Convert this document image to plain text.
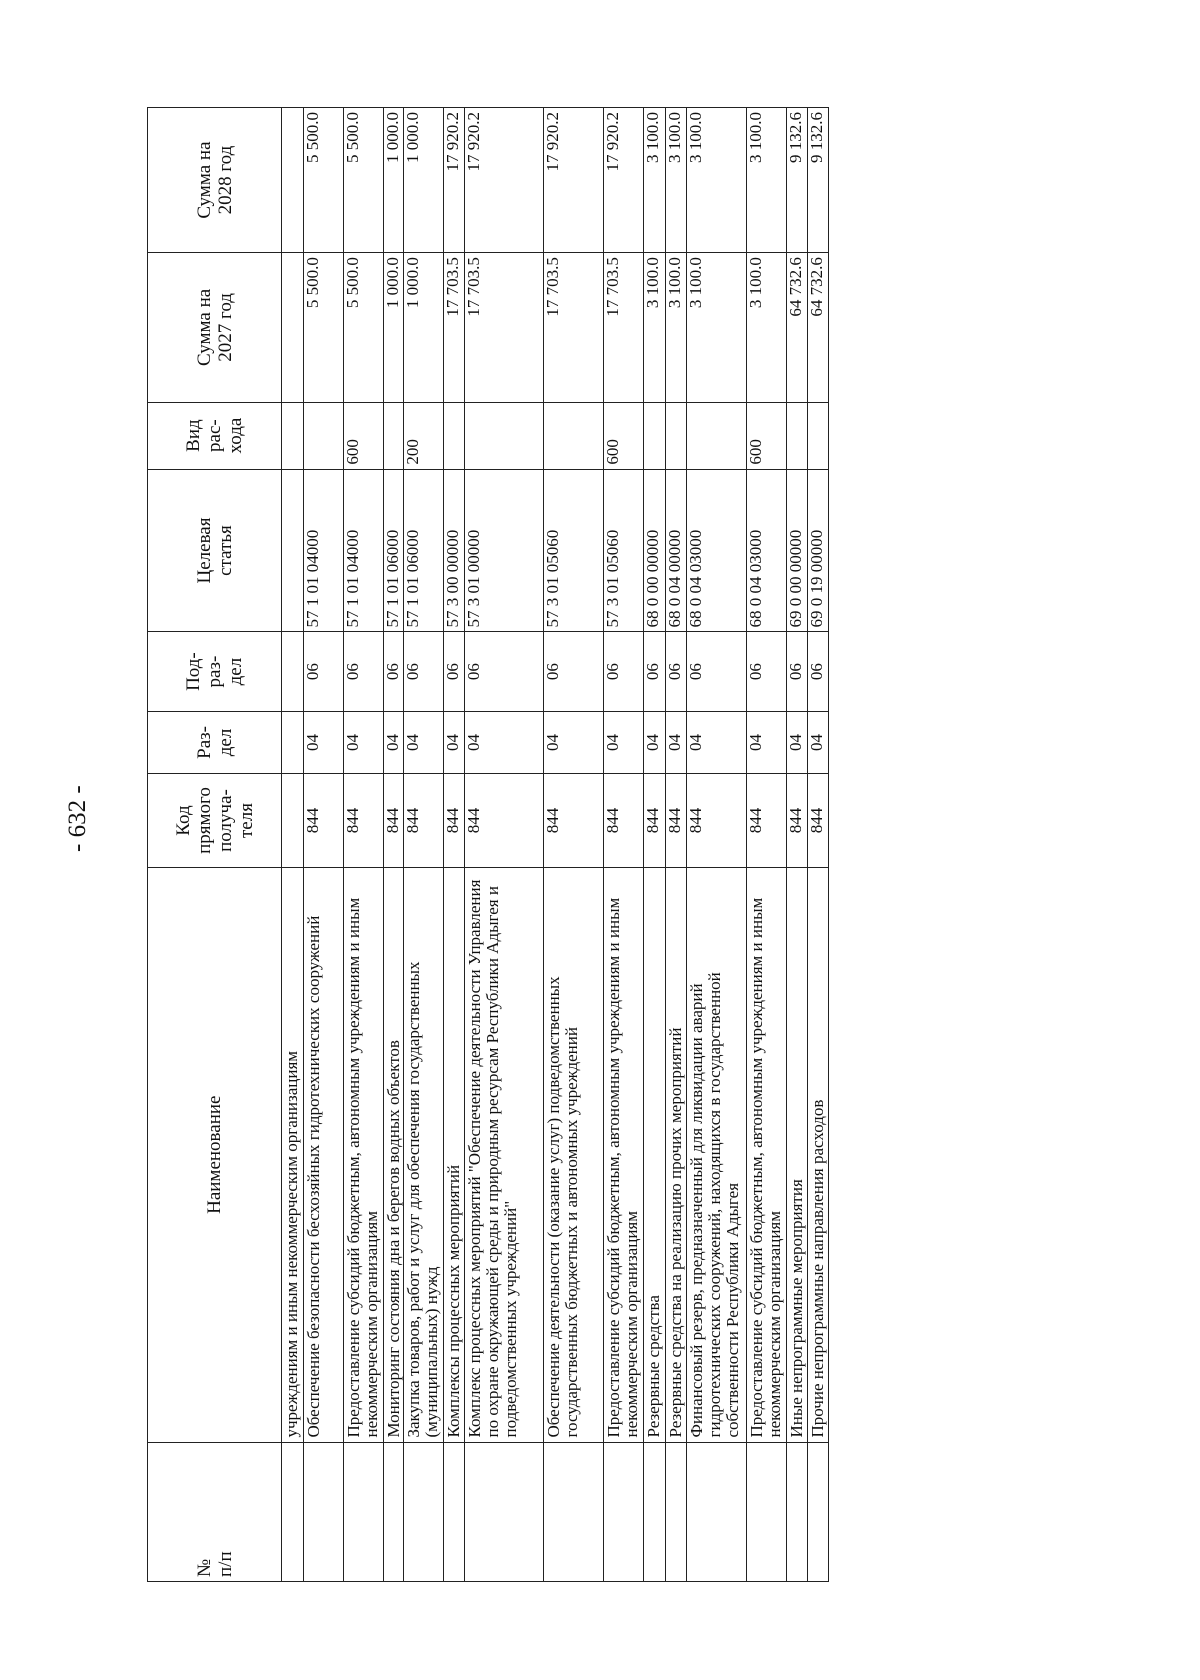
- 632 -
№
п/п	Наименование	Код
прямого
получа-
теля	Раз-
дел	Под-
раз-
дел	Целевая
статья	Вид
рас-
хода	Сумма на
2027 год	Сумма на
2028 год
	учреждениям и иным некоммерческим организациям							
	Обеспечение безопасности бесхозяйных гидротехнических сооружений	844	04	06	57 1 01 04000		5 500.0	5 500.0
	Предоставление субсидий бюджетным, автономным учреждениям и иным некоммерческим организациям	844	04	06	57 1 01 04000	600	5 500.0	5 500.0
	Мониторинг состояния дна и берегов водных объектов	844	04	06	57 1 01 06000		1 000.0	1 000.0
	Закупка товаров, работ и услуг для обеспечения государственных (муниципальных) нужд	844	04	06	57 1 01 06000	200	1 000.0	1 000.0
	Комплексы процессных мероприятий	844	04	06	57 3 00 00000		17 703.5	17 920.2
	Комплекс процессных мероприятий "Обеспечение деятельности Управления по охране окружающей среды и природным ресурсам Республики Адыгея и подведомственных учреждений"	844	04	06	57 3 01 00000		17 703.5	17 920.2
	Обеспечение деятельности (оказание услуг) подведомственных государственных бюджетных и автономных учреждений	844	04	06	57 3 01 05060		17 703.5	17 920.2
	Предоставление субсидий бюджетным, автономным учреждениям и иным некоммерческим организациям	844	04	06	57 3 01 05060	600	17 703.5	17 920.2
	Резервные средства	844	04	06	68 0 00 00000		3 100.0	3 100.0
	Резервные средства на реализацию прочих мероприятий	844	04	06	68 0 04 00000		3 100.0	3 100.0
	Финансовый резерв, предназначенный для ликвидации аварий гидротехнических сооружений, находящихся в государственной собственности Республики Адыгея	844	04	06	68 0 04 03000		3 100.0	3 100.0
	Предоставление субсидий бюджетным, автономным учреждениям и иным некоммерческим организациям	844	04	06	68 0 04 03000	600	3 100.0	3 100.0
	Иные непрограммные мероприятия	844	04	06	69 0 00 00000		64 732.6	9 132.6
	Прочие непрограммные направления расходов	844	04	06	69 0 19 00000		64 732.6	9 132.6
